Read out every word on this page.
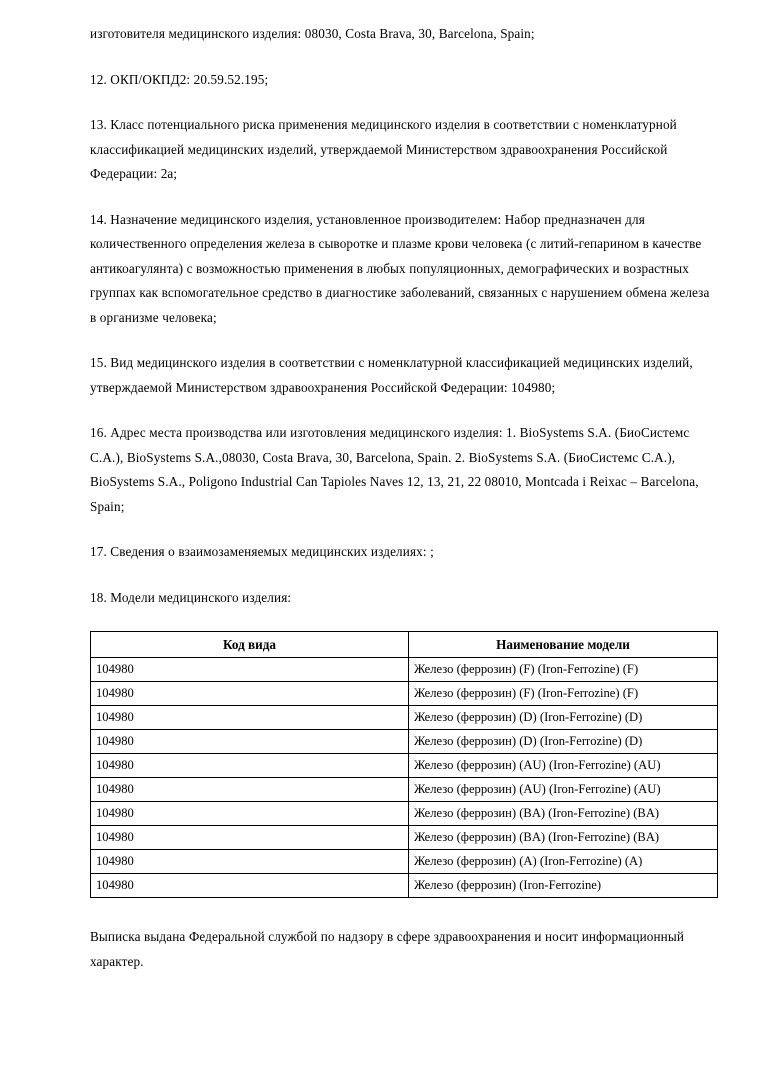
изготовителя медицинского изделия: 08030, Costa Brava, 30, Barcelona, Spain;

12. ОКП/ОКПД2: 20.59.52.195;

13. Класс потенциального риска применения медицинского изделия в соответствии с номенклатурной классификацией медицинских изделий, утверждаемой Министерством здравоохранения Российской Федерации: 2а;

14. Назначение медицинского изделия, установленное производителем: Набор предназначен для количественного определения железа в сыворотке и плазме крови человека (с литий-гепарином в качестве антикоагулянта) с возможностью применения в любых популяционных, демографических и возрастных группах как вспомогательное средство в диагностике заболеваний, связанных с нарушением обмена железа в организме человека;

15. Вид медицинского изделия в соответствии с номенклатурной классификацией медицинских изделий, утверждаемой Министерством здравоохранения Российской Федерации: 104980;

16. Адрес места производства или изготовления медицинского изделия: 1. BioSystems S.A. (БиоСистемс С.А.), BioSystems S.A.,08030, Costa Brava, 30, Barcelona, Spain. 2. BioSystems S.A. (БиоСистемс С.А.), BioSystems S.A., Poligono Industrial Can Tapioles Naves 12, 13, 21, 22 08010, Montcada i Reixac – Barcelona, Spain;

17. Сведения о взаимозаменяемых медицинских изделиях: ;

18. Модели медицинского изделия:

Код вида	Наименование модели
104980	Железо (феррозин) (F) (Iron-Ferrozine) (F)
104980	Железо (феррозин) (F) (Iron-Ferrozine) (F)
104980	Железо (феррозин) (D) (Iron-Ferrozine) (D)
104980	Железо (феррозин) (D) (Iron-Ferrozine) (D)
104980	Железо (феррозин) (AU) (Iron-Ferrozine) (AU)
104980	Железо (феррозин) (AU) (Iron-Ferrozine) (AU)
104980	Железо (феррозин) (BA) (Iron-Ferrozine) (BA)
104980	Железо (феррозин) (BA) (Iron-Ferrozine) (BA)
104980	Железо (феррозин) (A) (Iron-Ferrozine) (A)
104980	Железо (феррозин) (Iron-Ferrozine)

Выписка выдана Федеральной службой по надзору в сфере здравоохранения и носит информационный характер.
